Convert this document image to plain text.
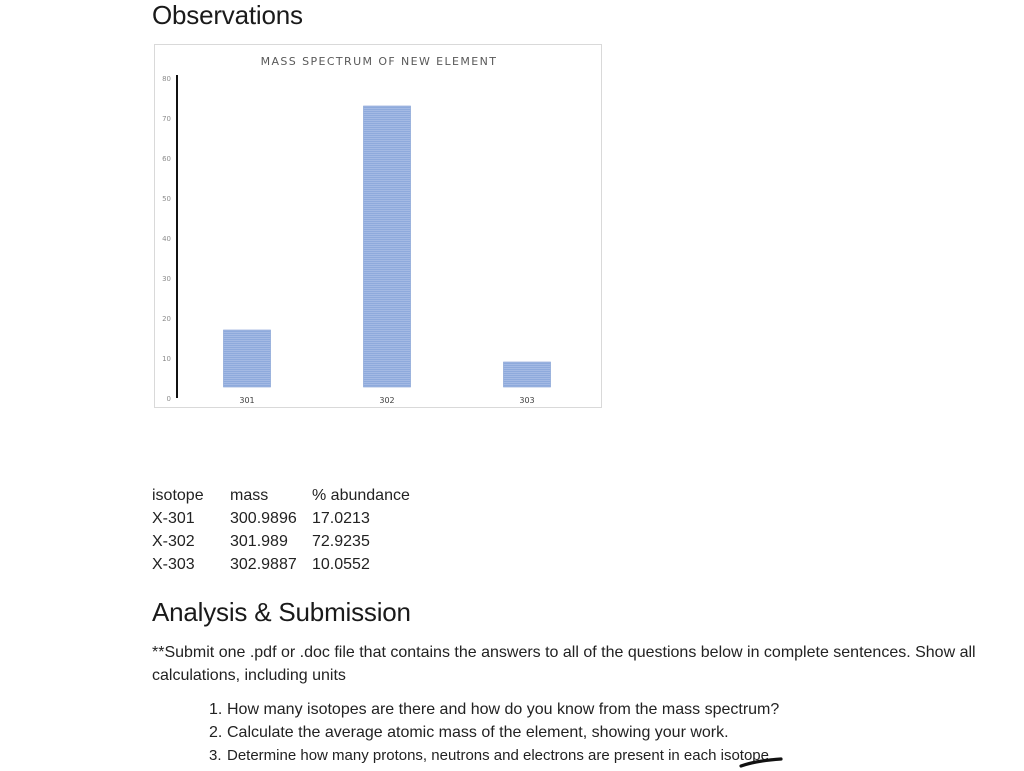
Observations
MASS SPECTRUM OF NEW ELEMENT
0
10
20
30
40
50
60
70
80
301	302	303
isotope	mass	% abundance
X-301	300.9896	17.0213
X-302	301.989	72.9235
X-303	302.9887	10.0552
Analysis & Submission

**Submit one .pdf or .doc file that contains the answers to all of the questions below in complete sentences. Show all calculations, including units

1. How many isotopes are there and how do you know from the mass spectrum?
2. Calculate the average atomic mass of the element, showing your work.
3. Determine how many protons, neutrons and electrons are present in each isotope.
